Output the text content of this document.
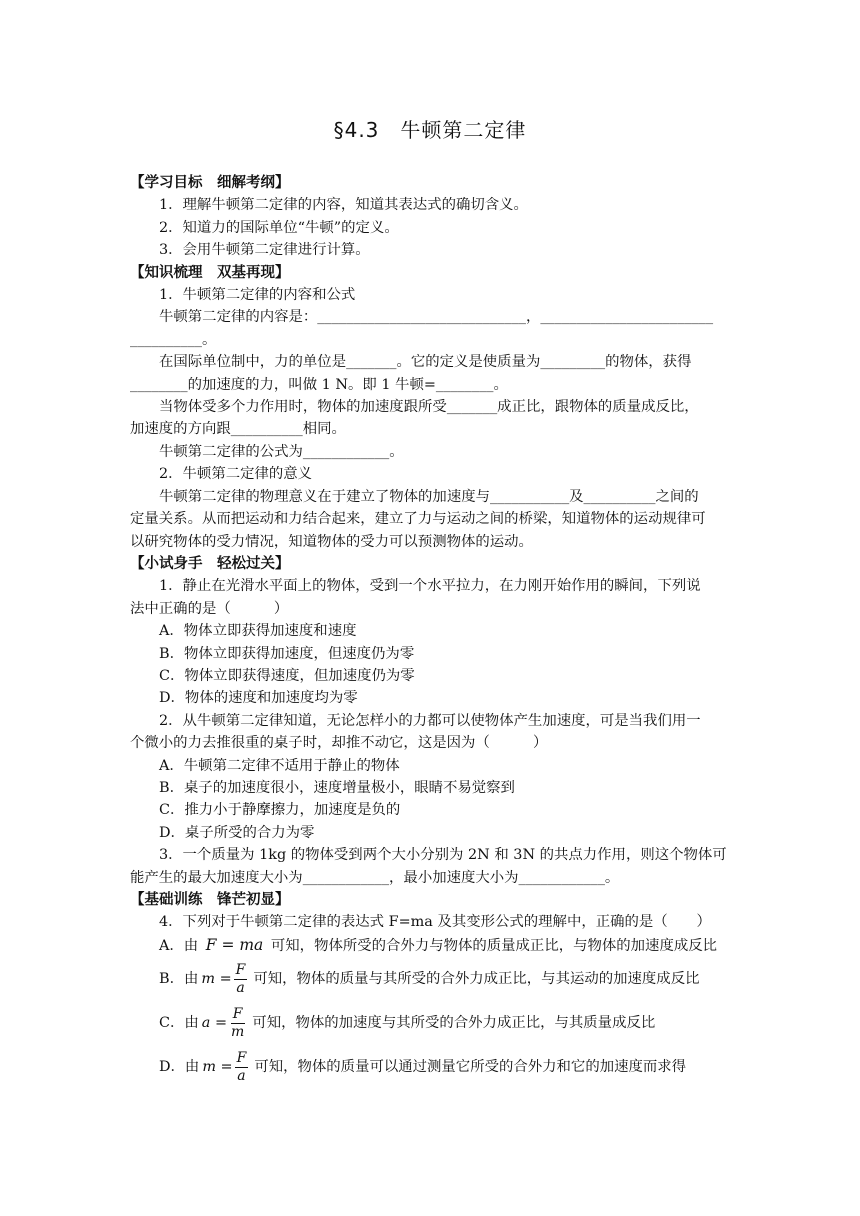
§4.3　牛顿第二定律

【学习目标　细解考纲】

1．理解牛顿第二定律的内容，知道其表达式的确切含义。

2．知道力的国际单位“牛顿”的定义。

3．会用牛顿第二定律进行计算。

【知识梳理　双基再现】

1．牛顿第二定律的内容和公式

牛顿第二定律的内容是：_____________________________，________________________

__________。

在国际单位制中，力的单位是_______。它的定义是使质量为_________的物体，获得

________的加速度的力，叫做 1 N。即 1 牛顿=________。

当物体受多个力作用时，物体的加速度跟所受_______成正比，跟物体的质量成反比，

加速度的方向跟__________相同。

牛顿第二定律的公式为____________。

2．牛顿第二定律的意义

牛顿第二定律的物理意义在于建立了物体的加速度与___________及__________之间的

定量关系。从而把运动和力结合起来，建立了力与运动之间的桥梁，知道物体的运动规律可

以研究物体的受力情况，知道物体的受力可以预测物体的运动。

【小试身手　轻松过关】

1．静止在光滑水平面上的物体，受到一个水平拉力，在力刚开始作用的瞬间，下列说

法中正确的是（　　　）

A．物体立即获得加速度和速度

B．物体立即获得加速度，但速度仍为零

C．物体立即获得速度，但加速度仍为零

D．物体的速度和加速度均为零

2．从牛顿第二定律知道，无论怎样小的力都可以使物体产生加速度，可是当我们用一

个微小的力去推很重的桌子时，却推不动它，这是因为（　　　）

A．牛顿第二定律不适用于静止的物体

B．桌子的加速度很小，速度增量极小，眼睛不易觉察到

C．推力小于静摩擦力，加速度是负的

D．桌子所受的合力为零

3．一个质量为 1kg 的物体受到两个大小分别为 2N 和 3N 的共点力作用，则这个物体可

能产生的最大加速度大小为____________，最小加速度大小为____________。

【基础训练　锋芒初显】

4．下列对于牛顿第二定律的表达式 F=ma 及其变形公式的理解中，正确的是（　　）

A．由 F = ma 可知，物体所受的合外力与物体的质量成正比，与物体的加速度成反比

B．由 $m = \frac{F}{a}$ 可知，物体的质量与其所受的合外力成正比，与其运动的加速度成反比
C．由 $a = \frac{F}{m}$ 可知，物体的加速度与其所受的合外力成正比，与其质量成反比
D．由 $m = \frac{F}{a}$ 可知，物体的质量可以通过测量它所受的合外力和它的加速度而求得
